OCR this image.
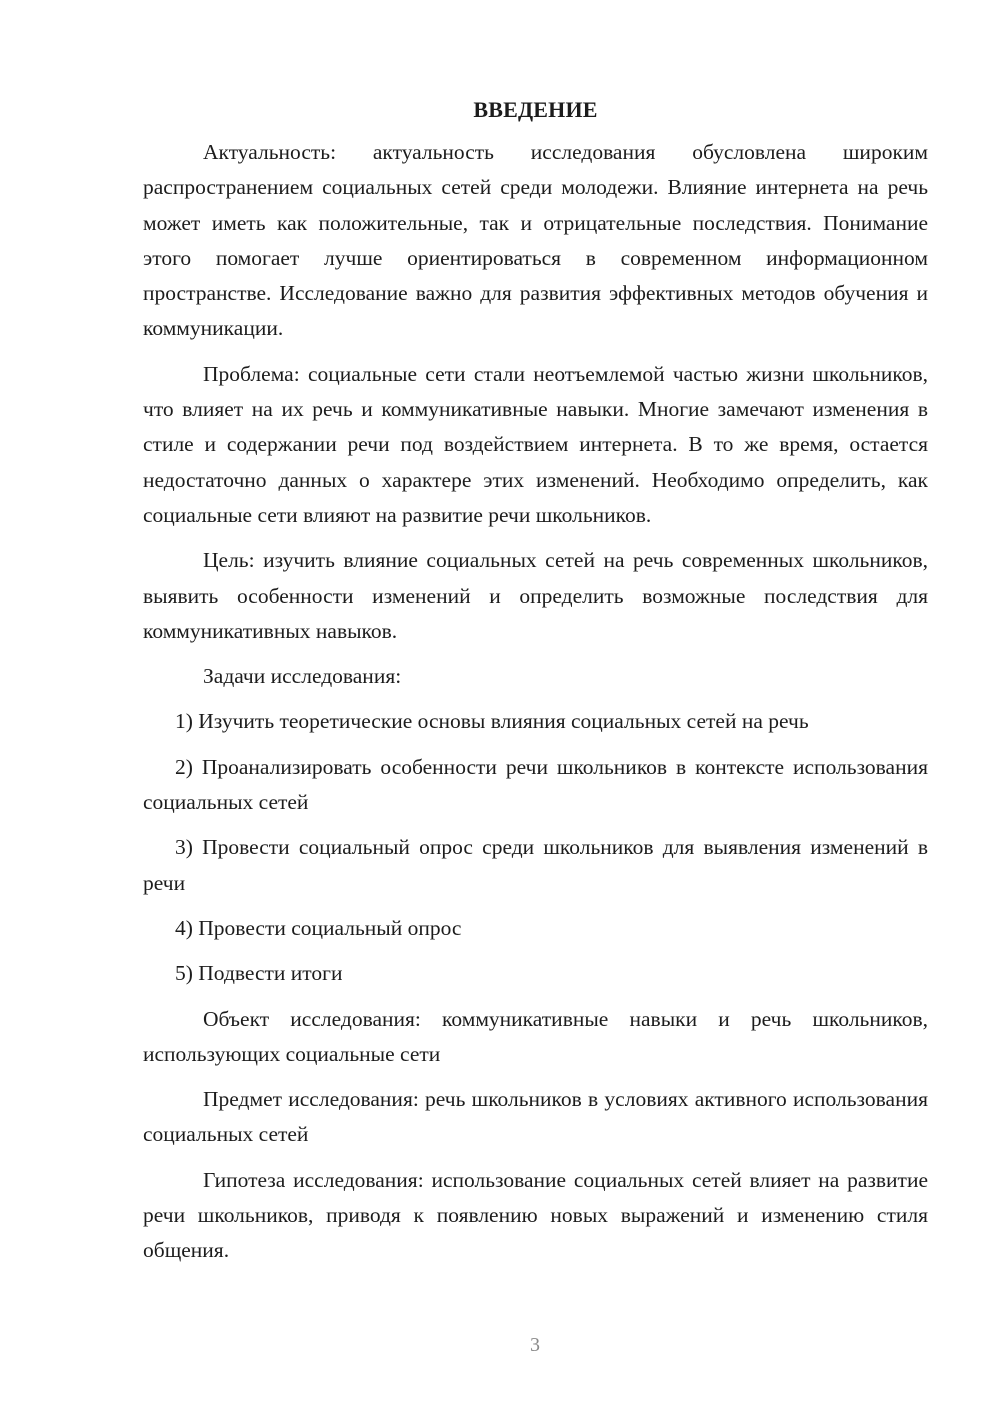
ВВЕДЕНИЕ

Актуальность: актуальность исследования обусловлена широким распространением социальных сетей среди молодежи. Влияние интернета на речь может иметь как положительные, так и отрицательные последствия. Понимание этого помогает лучше ориентироваться в современном информационном пространстве. Исследование важно для развития эффективных методов обучения и коммуникации.

Проблема: социальные сети стали неотъемлемой частью жизни школьников, что влияет на их речь и коммуникативные навыки. Многие замечают изменения в стиле и содержании речи под воздействием интернета. В то же время, остается недостаточно данных о характере этих изменений. Необходимо определить, как социальные сети влияют на развитие речи школьников.

Цель: изучить влияние социальных сетей на речь современных школьников, выявить особенности изменений и определить возможные последствия для коммуникативных навыков.

Задачи исследования:

1) Изучить теоретические основы влияния социальных сетей на речь

2) Проанализировать особенности речи школьников в контексте использования социальных сетей

3) Провести социальный опрос среди школьников для выявления изменений в речи

4) Провести социальный опрос

5) Подвести итоги

Объект исследования: коммуникативные навыки и речь школьников, использующих социальные сети

Предмет исследования: речь школьников в условиях активного использования социальных сетей

Гипотеза исследования: использование социальных сетей влияет на развитие речи школьников, приводя к появлению новых выражений и изменению стиля общения.

3
